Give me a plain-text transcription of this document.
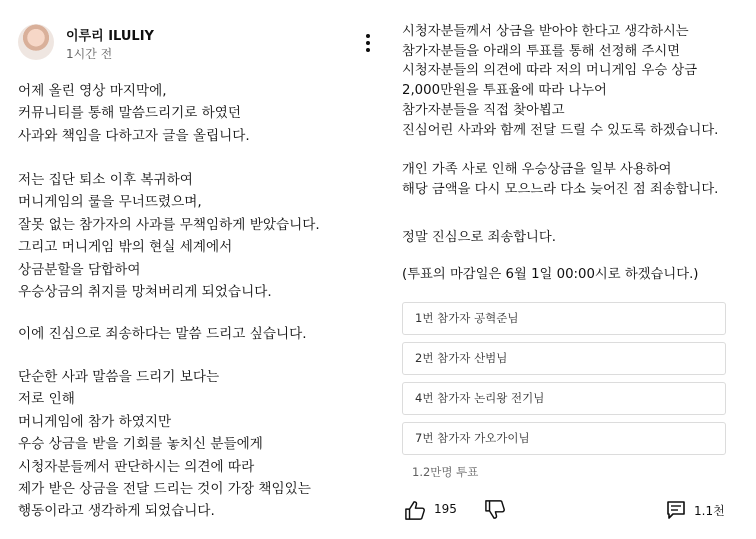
이루리 ILULIY
1시간 전

어제 올린 영상 마지막에,
커뮤니티를 통해 말씀드리기로 하였던
사과와 책임을 다하고자 글을 올립니다.

저는 집단 퇴소 이후 복귀하여
머니게임의 룰을 무너뜨렸으며,
잘못 없는 참가자의 사과를 무책임하게 받았습니다.
그리고 머니게임 밖의 현실 세계에서
상금분할을 담합하여
우승상금의 취지를 망쳐버리게 되었습니다.

이에 진심으로 죄송하다는 말씀 드리고 싶습니다.

단순한 사과 말씀을 드리기 보다는
저로 인해
머니게임에 참가 하였지만
우승 상금을 받을 기회를 놓치신 분들에게
시청자분들께서 판단하시는 의견에 따라
제가 받은 상금을 전달 드리는 것이 가장 책임있는
행동이라고 생각하게 되었습니다.

시청자분들께서 상금을 받아야 한다고 생각하시는
참가자분들을 아래의 투표를 통해 선정해 주시면
시청자분들의 의견에 따라 저의 머니게임 우승 상금
2,000만원을 투표율에 따라 나누어
참가자분들을 직접 찾아뵙고
진심어린 사과와 함께 전달 드릴 수 있도록 하겠습니다.

개인 가족 사로 인해 우승상금을 일부 사용하여
해당 금액을 다시 모으느라 다소 늦어진 점 죄송합니다.

정말 진심으로 죄송합니다.

(투표의 마감일은 6월 1일 00:00시로 하겠습니다.)

1번 참가자 공혁준님
2번 참가자 산범님
4번 참가자 논리왕 전기님
7번 참가자 가오가이님
1.2만명 투표
195	1.1천
